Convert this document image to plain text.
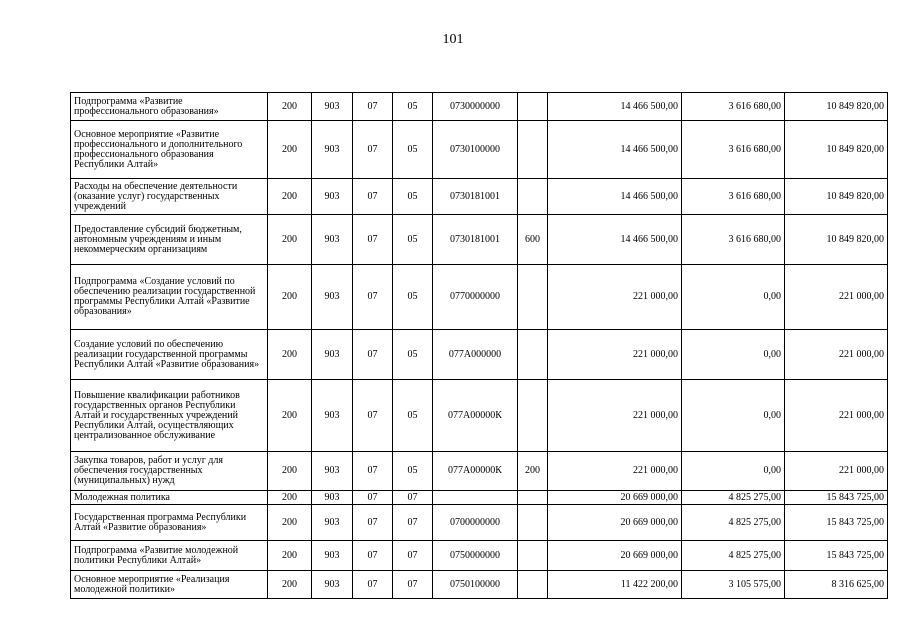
101
Подпрограмма «Развитие профессионального образования»	200	903	07	05	0730000000		14 466 500,00	3 616 680,00	10 849 820,00
Основное мероприятие «Развитие профессионального и дополнительного профессионального образования Республики Алтай»	200	903	07	05	0730100000		14 466 500,00	3 616 680,00	10 849 820,00
Расходы на обеспечение деятельности (оказание услуг) государственных учреждений	200	903	07	05	0730181001		14 466 500,00	3 616 680,00	10 849 820,00
Предоставление субсидий бюджетным, автономным учреждениям и иным некоммерческим организациям	200	903	07	05	0730181001	600	14 466 500,00	3 616 680,00	10 849 820,00
Подпрограмма «Создание условий по обеспечению реализации государственной программы Республики Алтай «Развитие образования»	200	903	07	05	0770000000		221 000,00	0,00	221 000,00
Создание условий по обеспечению реализации государственной программы Республики Алтай «Развитие образования»	200	903	07	05	077А000000		221 000,00	0,00	221 000,00
Повышение квалификации работников государственных органов Республики Алтай и государственных учреждений Республики Алтай, осуществляющих централизованное обслуживание	200	903	07	05	077А00000К		221 000,00	0,00	221 000,00
Закупка товаров, работ и услуг для обеспечения государственных (муниципальных) нужд	200	903	07	05	077А00000К	200	221 000,00	0,00	221 000,00
Молодежная политика	200	903	07	07			20 669 000,00	4 825 275,00	15 843 725,00
Государственная программа Республики Алтай «Развитие образования»	200	903	07	07	0700000000		20 669 000,00	4 825 275,00	15 843 725,00
Подпрограмма «Развитие молодежной политики Республики Алтай»	200	903	07	07	0750000000		20 669 000,00	4 825 275,00	15 843 725,00
Основное мероприятие «Реализация молодежной политики»	200	903	07	07	0750100000		11 422 200,00	3 105 575,00	8 316 625,00
